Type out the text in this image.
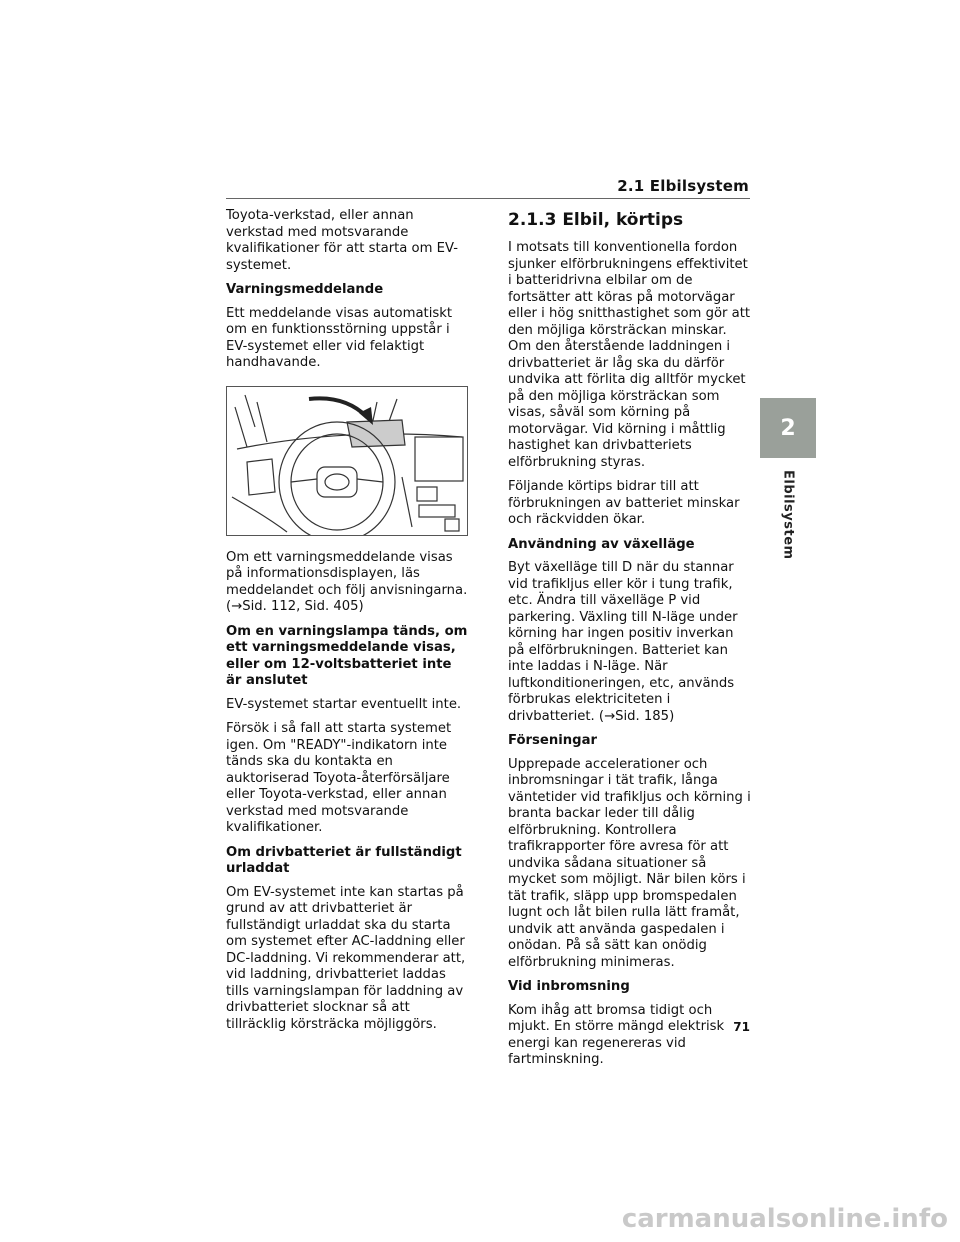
2.1 Elbilsystem

Toyota-verkstad, eller annan verkstad med motsvarande kvalifikationer för att starta om EV-systemet.

Varningsmeddelande

Ett meddelande visas automatiskt om en funktionsstörning uppstår i EV-systemet eller vid felaktigt handhavande.

Om ett varningsmeddelande visas på informationsdisplayen, läs meddelandet och följ anvisningarna. (→Sid. 112, Sid. 405)

Om en varningslampa tänds, om ett varningsmeddelande visas, eller om 12-voltsbatteriet inte är anslutet

EV-systemet startar eventuellt inte.

Försök i så fall att starta systemet igen. Om "READY"-indikatorn inte tänds ska du kontakta en auktoriserad Toyota-återförsäljare eller Toyota-verkstad, eller annan verkstad med motsvarande kvalifikationer.

Om drivbatteriet är fullständigt urladdat

Om EV-systemet inte kan startas på grund av att drivbatteriet är fullständigt urladdat ska du starta om systemet efter AC-laddning eller DC-laddning. Vi rekommenderar att, vid laddning, drivbatteriet laddas tills varningslampan för laddning av drivbatteriet slocknar så att tillräcklig körsträcka möjliggörs.

2.1.3 Elbil, körtips

I motsats till konventionella fordon sjunker elförbrukningens effektivitet i batteridrivna elbilar om de fortsätter att köras på motorvägar eller i hög snitthastighet som gör att den möjliga körsträckan minskar. Om den återstående laddningen i drivbatteriet är låg ska du därför undvika att förlita dig alltför mycket på den möjliga körsträckan som visas, såväl som körning på motorvägar. Vid körning i måttlig hastighet kan drivbatteriets elförbrukning styras.

Följande körtips bidrar till att förbrukningen av batteriet minskar och räckvidden ökar.

Användning av växelläge

Byt växelläge till D när du stannar vid trafikljus eller kör i tung trafik, etc. Ändra till växelläge P vid parkering. Växling till N-läge under körning har ingen positiv inverkan på elförbrukningen. Batteriet kan inte laddas i N-läge. När luftkonditioneringen, etc, används förbrukas elektriciteten i drivbatteriet. (→Sid. 185)

Förseningar

Upprepade accelerationer och inbromsningar i tät trafik, långa väntetider vid trafikljus och körning i branta backar leder till dålig elförbrukning. Kontrollera trafikrapporter före avresa för att undvika sådana situationer så mycket som möjligt. När bilen körs i tät trafik, släpp upp bromspedalen lugnt och låt bilen rulla lätt framåt, undvik att använda gaspedalen i onödan. På så sätt kan onödig elförbrukning minimeras.

Vid inbromsning

Kom ihåg att bromsa tidigt och mjukt. En större mängd elektrisk energi kan regenereras vid fartminskning.

2
Elbilsystem
71
carmanualsonline.info
